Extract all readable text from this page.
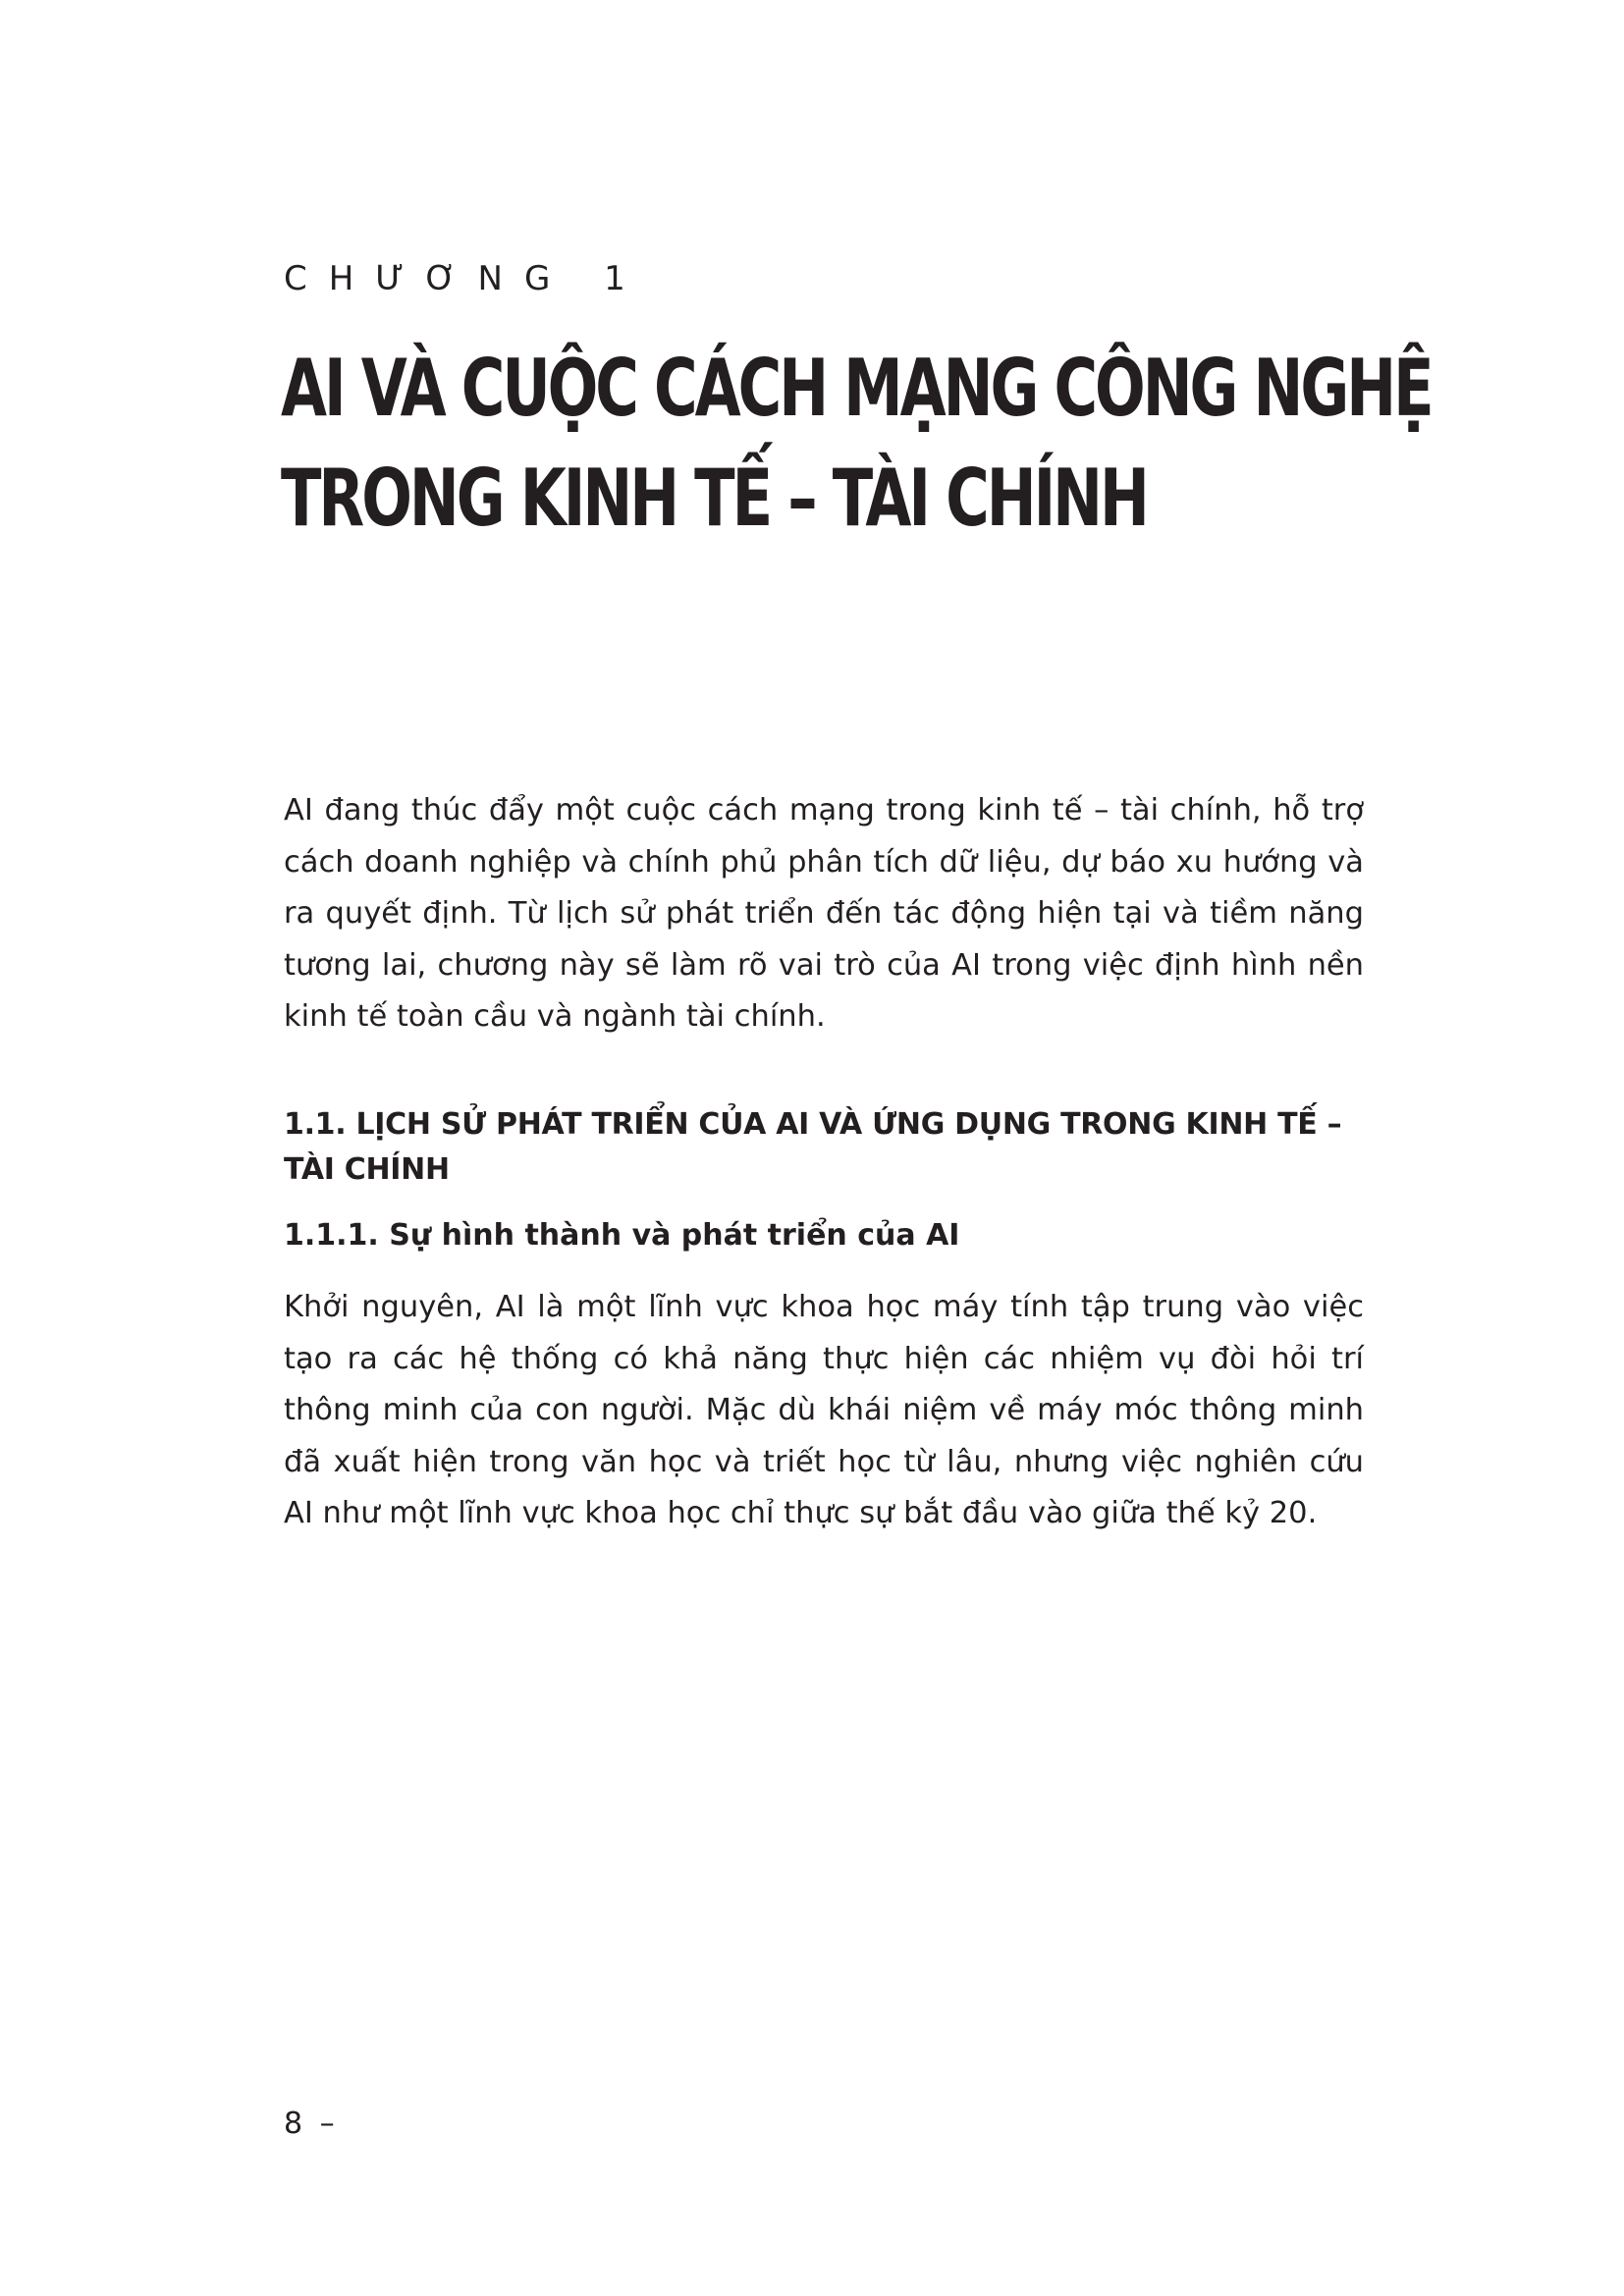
CHƯƠNG 1
AI VÀ CUỘC CÁCH MẠNG CÔNG NGHỆ
TRONG KINH TẾ – TÀI CHÍNH

AI đang thúc đẩy một cuộc cách mạng trong kinh tế – tài chính, hỗ trợ cách doanh nghiệp và chính phủ phân tích dữ liệu, dự báo xu hướng và ra quyết định. Từ lịch sử phát triển đến tác động hiện tại và tiềm năng tương lai, chương này sẽ làm rõ vai trò của AI trong việc định hình nền kinh tế toàn cầu và ngành tài chính.

1.1. LỊCH SỬ PHÁT TRIỂN CỦA AI VÀ ỨNG DỤNG TRONG KINH TẾ – TÀI CHÍNH
1.1.1. Sự hình thành và phát triển của AI

Khởi nguyên, AI là một lĩnh vực khoa học máy tính tập trung vào việc tạo ra các hệ thống có khả năng thực hiện các nhiệm vụ đòi hỏi trí thông minh của con người. Mặc dù khái niệm về máy móc thông minh đã xuất hiện trong văn học và triết học từ lâu, nhưng việc nghiên cứu AI như một lĩnh vực khoa học chỉ thực sự bắt đầu vào giữa thế kỷ 20.

8 –
